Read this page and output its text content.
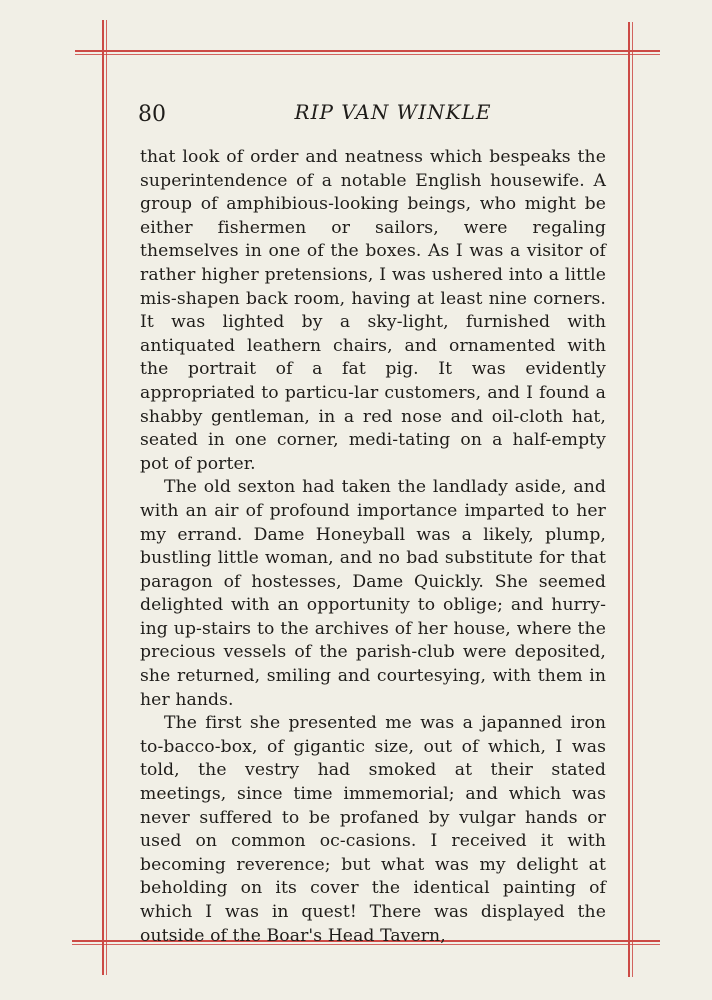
80	RIP VAN WINKLE

that look of order and neatness which bespeaks the superintendence of a notable English housewife. A group of amphibious-looking beings, who might be either fishermen or sailors, were regaling themselves in one of the boxes. As I was a visitor of rather higher pretensions, I was ushered into a little mis-shapen back room, having at least nine corners. It was lighted by a sky-light, furnished with antiquated leathern chairs, and ornamented with the portrait of a fat pig. It was evidently appropriated to particu-lar customers, and I found a shabby gentleman, in a red nose and oil-cloth hat, seated in one corner, medi-tating on a half-empty pot of porter.

The old sexton had taken the landlady aside, and with an air of profound importance imparted to her my errand. Dame Honeyball was a likely, plump, bustling little woman, and no bad substitute for that paragon of hostesses, Dame Quickly. She seemed delighted with an opportunity to oblige; and hurry-ing up-stairs to the archives of her house, where the precious vessels of the parish-club were deposited, she returned, smiling and courtesying, with them in her hands.

The first she presented me was a japanned iron to-bacco-box, of gigantic size, out of which, I was told, the vestry had smoked at their stated meetings, since time immemorial; and which was never suffered to be profaned by vulgar hands or used on common oc-casions. I received it with becoming reverence; but what was my delight at beholding on its cover the identical painting of which I was in quest! There was displayed the outside of the Boar's Head Tavern,
